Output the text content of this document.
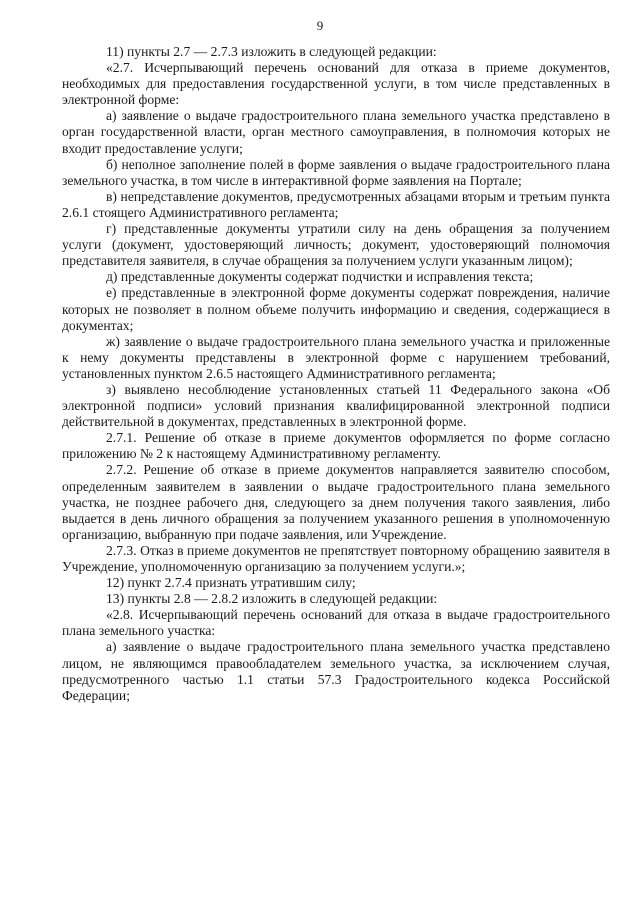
9

11) пункты 2.7 — 2.7.3 изложить в следующей редакции:

«2.7. Исчерпывающий перечень оснований для отказа в приеме документов, необходимых для предоставления государственной услуги, в том числе представленных в электронной форме:

а) заявление о выдаче градостроительного плана земельного участка представлено в орган государственной власти, орган местного самоуправления, в полномочия которых не входит предоставление услуги;

б) неполное заполнение полей в форме заявления о выдаче градостроительного плана земельного участка, в том числе в интерактивной форме заявления на Портале;

в) непредставление документов, предусмотренных абзацами вторым и третьим пункта 2.6.1 стоящего Административного регламента;

г) представленные документы утратили силу на день обращения за получением услуги (документ, удостоверяющий личность; документ, удостоверяющий полномочия представителя заявителя, в случае обращения за получением услуги указанным лицом);

д) представленные документы содержат подчистки и исправления текста;

е) представленные в электронной форме документы содержат повреждения, наличие которых не позволяет в полном объеме получить информацию и сведения, содержащиеся в документах;

ж) заявление о выдаче градостроительного плана земельного участка и приложенные к нему документы представлены в электронной форме с нарушением требований, установленных пунктом 2.6.5 настоящего Административного регламента;

з) выявлено несоблюдение установленных статьей 11 Федерального закона «Об электронной подписи» условий признания квалифицированной электронной подписи действительной в документах, представленных в электронной форме.

2.7.1. Решение об отказе в приеме документов оформляется по форме согласно приложению № 2 к настоящему Административному регламенту.

2.7.2. Решение об отказе в приеме документов направляется заявителю способом, определенным заявителем в заявлении о выдаче градостроительного плана земельного участка, не позднее рабочего дня, следующего за днем получения такого заявления, либо выдается в день личного обращения за получением указанного решения в уполномоченную организацию, выбранную при подаче заявления, или Учреждение.

2.7.3. Отказ в приеме документов не препятствует повторному обращению заявителя в Учреждение, уполномоченную организацию за получением услуги.»;

12) пункт 2.7.4 признать утратившим силу;

13) пункты 2.8 — 2.8.2 изложить в следующей редакции:

«2.8. Исчерпывающий перечень оснований для отказа в выдаче градостроительного плана земельного участка:

а) заявление о выдаче градостроительного плана земельного участка представлено лицом, не являющимся правообладателем земельного участка, за исключением случая, предусмотренного частью 1.1 статьи 57.3 Градостроительного кодекса Российской Федерации;
